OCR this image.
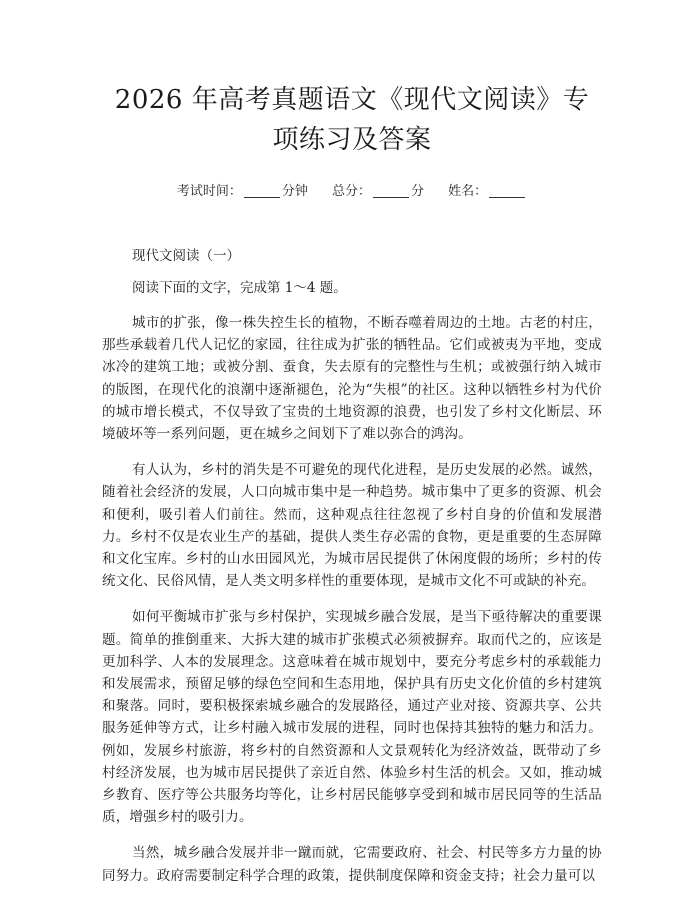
2026 年高考真题语文《现代文阅读》专项练习及答案
考试时间：	分钟 总分：	分 姓名：
现代文阅读（一）
阅读下面的文字，完成第 1～4 题。

城市的扩张，像一株失控生长的植物，不断吞噬着周边的土地。古老的村庄，那些承载着几代人记忆的家园，往往成为扩张的牺牲品。它们或被夷为平地，变成冰冷的建筑工地；或被分割、蚕食，失去原有的完整性与生机；或被强行纳入城市的版图，在现代化的浪潮中逐渐褪色，沦为“失根”的社区。这种以牺牲乡村为代价的城市增长模式，不仅导致了宝贵的土地资源的浪费，也引发了乡村文化断层、环境破坏等一系列问题，更在城乡之间划下了难以弥合的鸿沟。

有人认为，乡村的消失是不可避免的现代化进程，是历史发展的必然。诚然，随着社会经济的发展，人口向城市集中是一种趋势。城市集中了更多的资源、机会和便利，吸引着人们前往。然而，这种观点往往忽视了乡村自身的价值和发展潜力。乡村不仅是农业生产的基础，提供人类生存必需的食物，更是重要的生态屏障和文化宝库。乡村的山水田园风光，为城市居民提供了休闲度假的场所；乡村的传统文化、民俗风情，是人类文明多样性的重要体现，是城市文化不可或缺的补充。

如何平衡城市扩张与乡村保护，实现城乡融合发展，是当下亟待解决的重要课题。简单的推倒重来、大拆大建的城市扩张模式必须被摒弃。取而代之的，应该是更加科学、人本的发展理念。这意味着在城市规划中，要充分考虑乡村的承载能力和发展需求，预留足够的绿色空间和生态用地，保护具有历史文化价值的乡村建筑和聚落。同时，要积极探索城乡融合的发展路径，通过产业对接、资源共享、公共服务延伸等方式，让乡村融入城市发展的进程，同时也保持其独特的魅力和活力。例如，发展乡村旅游，将乡村的自然资源和人文景观转化为经济效益，既带动了乡村经济发展，也为城市居民提供了亲近自然、体验乡村生活的机会。又如，推动城乡教育、医疗等公共服务均等化，让乡村居民能够享受到和城市居民同等的生活品质，增强乡村的吸引力。

当然，城乡融合发展并非一蹴而就，它需要政府、社会、村民等多方力量的协同努力。政府需要制定科学合理的政策，提供制度保障和资金支持；社会力量可以
